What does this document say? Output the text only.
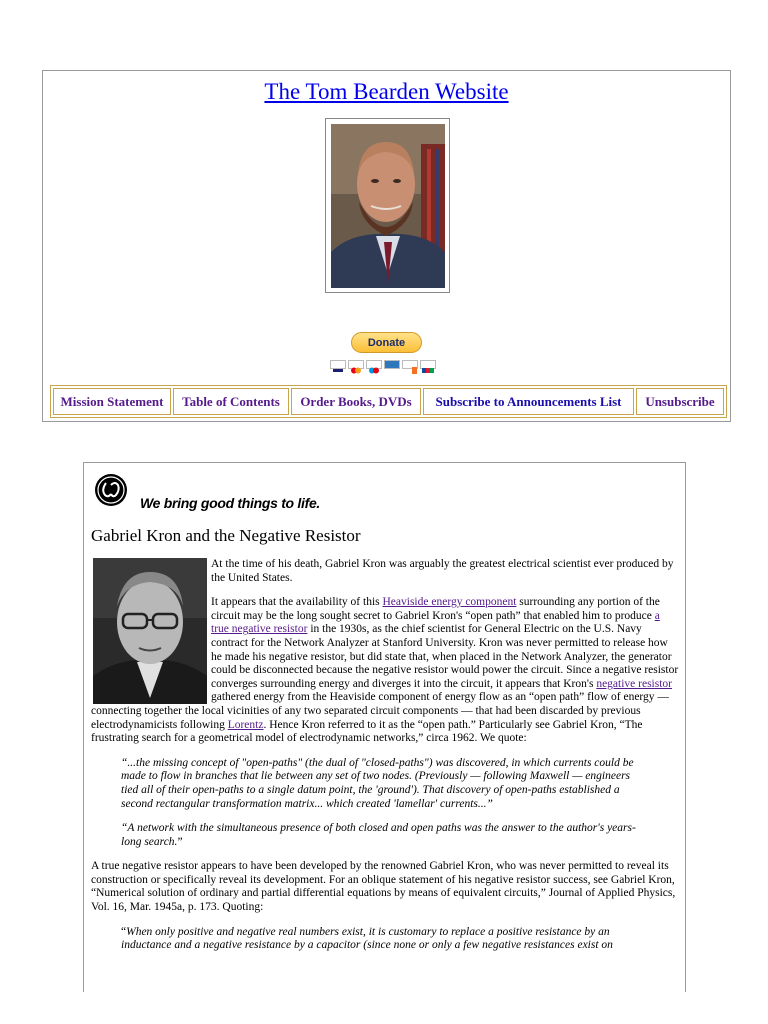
The Tom Bearden Website
Donate
Mission Statement	Table of Contents	Order Books, DVDs	Subscribe to Announcements List	Unsubscribe
We bring good things to life.
Gabriel Kron and the Negative Resistor

At the time of his death, Gabriel Kron was arguably the greatest electrical scientist ever produced by the United States.

It appears that the availability of this Heaviside energy component surrounding any portion of the circuit may be the long sought secret to Gabriel Kron's “open path” that enabled him to produce a true negative resistor in the 1930s, as the chief scientist for General Electric on the U.S. Navy contract for the Network Analyzer at Stanford University. Kron was never permitted to release how he made his negative resistor, but did state that, when placed in the Network Analyzer, the generator could be disconnected because the negative resistor would power the circuit. Since a negative resistor converges surrounding energy and diverges it into the circuit, it appears that Kron's negative resistor gathered energy from the Heaviside component of energy flow as an “open path” flow of energy — connecting together the local vicinities of any two separated circuit components — that had been discarded by previous electrodynamicists following Lorentz. Hence Kron referred to it as the “open path.” Particularly see Gabriel Kron, “The frustrating search for a geometrical model of electrodynamic networks,” circa 1962. We quote:

“...the missing concept of "open-paths" (the dual of "closed-paths") was discovered, in which currents could be made to flow in branches that lie between any set of two nodes. (Previously — following Maxwell — engineers tied all of their open-paths to a single datum point, the 'ground'). That discovery of open-paths established a second rectangular transformation matrix... which created 'lamellar' currents...”

“A network with the simultaneous presence of both closed and open paths was the answer to the author's years-long search.”

A true negative resistor appears to have been developed by the renowned Gabriel Kron, who was never permitted to reveal its construction or specifically reveal its development. For an oblique statement of his negative resistor success, see Gabriel Kron, “Numerical solution of ordinary and partial differential equations by means of equivalent circuits,” Journal of Applied Physics, Vol. 16, Mar. 1945a, p. 173. Quoting:

“When only positive and negative real numbers exist, it is customary to replace a positive resistance by an inductance and a negative resistance by a capacitor (since none or only a few negative resistances exist on
